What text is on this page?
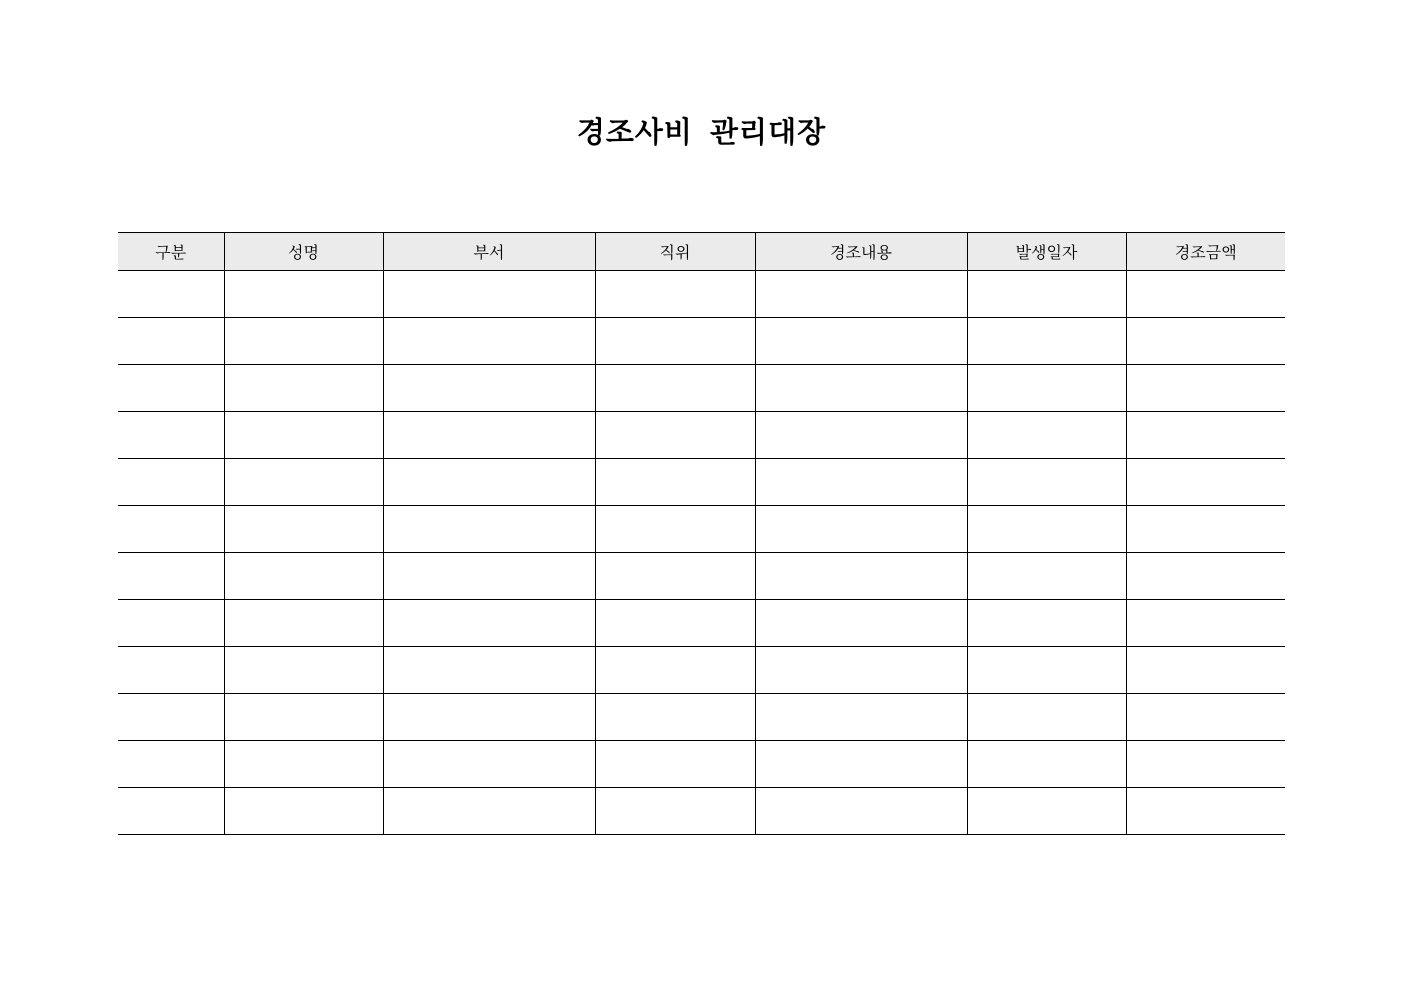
경조사비 관리대장
구분	성명	부서	직위	경조내용	발생일자	경조금액
